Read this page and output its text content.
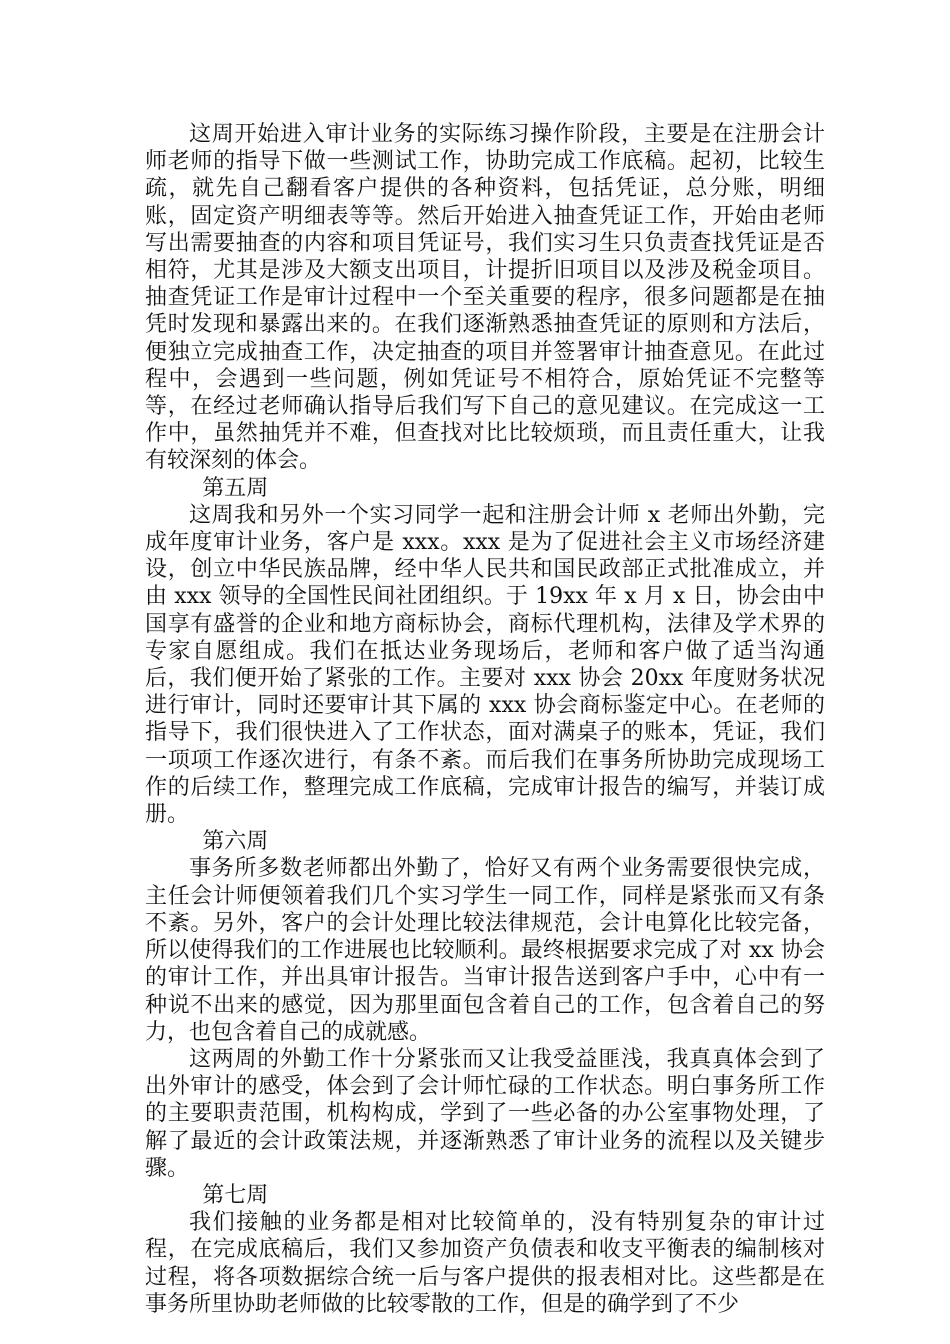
这周开始进入审计业务的实际练习操作阶段，主要是在注册会计师老师的指导下做一些测试工作，协助完成工作底稿。起初，比较生疏，就先自己翻看客户提供的各种资料，包括凭证，总分账，明细账，固定资产明细表等等。然后开始进入抽查凭证工作，开始由老师写出需要抽查的内容和项目凭证号，我们实习生只负责查找凭证是否相符，尤其是涉及大额支出项目，计提折旧项目以及涉及税金项目。抽查凭证工作是审计过程中一个至关重要的程序，很多问题都是在抽凭时发现和暴露出来的。在我们逐渐熟悉抽查凭证的原则和方法后，便独立完成抽查工作，决定抽查的项目并签署审计抽查意见。在此过程中，会遇到一些问题，例如凭证号不相符合，原始凭证不完整等等，在经过老师确认指导后我们写下自己的意见建议。在完成这一工作中，虽然抽凭并不难，但查找对比比较烦琐，而且责任重大，让我有较深刻的体会。

第五周

这周我和另外一个实习同学一起和注册会计师 x 老师出外勤，完成年度审计业务，客户是 xxx。xxx 是为了促进社会主义市场经济建设，创立中华民族品牌，经中华人民共和国民政部正式批准成立，并由 xxx 领导的全国性民间社团组织。于 19xx 年 x 月 x 日，协会由中国享有盛誉的企业和地方商标协会，商标代理机构，法律及学术界的专家自愿组成。我们在抵达业务现场后，老师和客户做了适当沟通后，我们便开始了紧张的工作。主要对 xxx 协会 20xx 年度财务状况进行审计，同时还要审计其下属的 xxx 协会商标鉴定中心。在老师的指导下，我们很快进入了工作状态，面对满桌子的账本，凭证，我们一项项工作逐次进行，有条不紊。而后我们在事务所协助完成现场工作的后续工作，整理完成工作底稿，完成审计报告的编写，并装订成册。

第六周

事务所多数老师都出外勤了，恰好又有两个业务需要很快完成，主任会计师便领着我们几个实习学生一同工作，同样是紧张而又有条不紊。另外，客户的会计处理比较法律规范，会计电算化比较完备，所以使得我们的工作进展也比较顺利。最终根据要求完成了对 xx 协会的审计工作，并出具审计报告。当审计报告送到客户手中，心中有一种说不出来的感觉，因为那里面包含着自己的工作，包含着自己的努力，也包含着自己的成就感。

这两周的外勤工作十分紧张而又让我受益匪浅，我真真体会到了出外审计的感受，体会到了会计师忙碌的工作状态。明白事务所工作的主要职责范围，机构构成，学到了一些必备的办公室事物处理，了解了最近的会计政策法规，并逐渐熟悉了审计业务的流程以及关键步骤。

第七周

我们接触的业务都是相对比较简单的，没有特别复杂的审计过程，在完成底稿后，我们又参加资产负债表和收支平衡表的编制核对过程，将各项数据综合统一后与客户提供的报表相对比。这些都是在事务所里协助老师做的比较零散的工作，但是的确学到了不少
